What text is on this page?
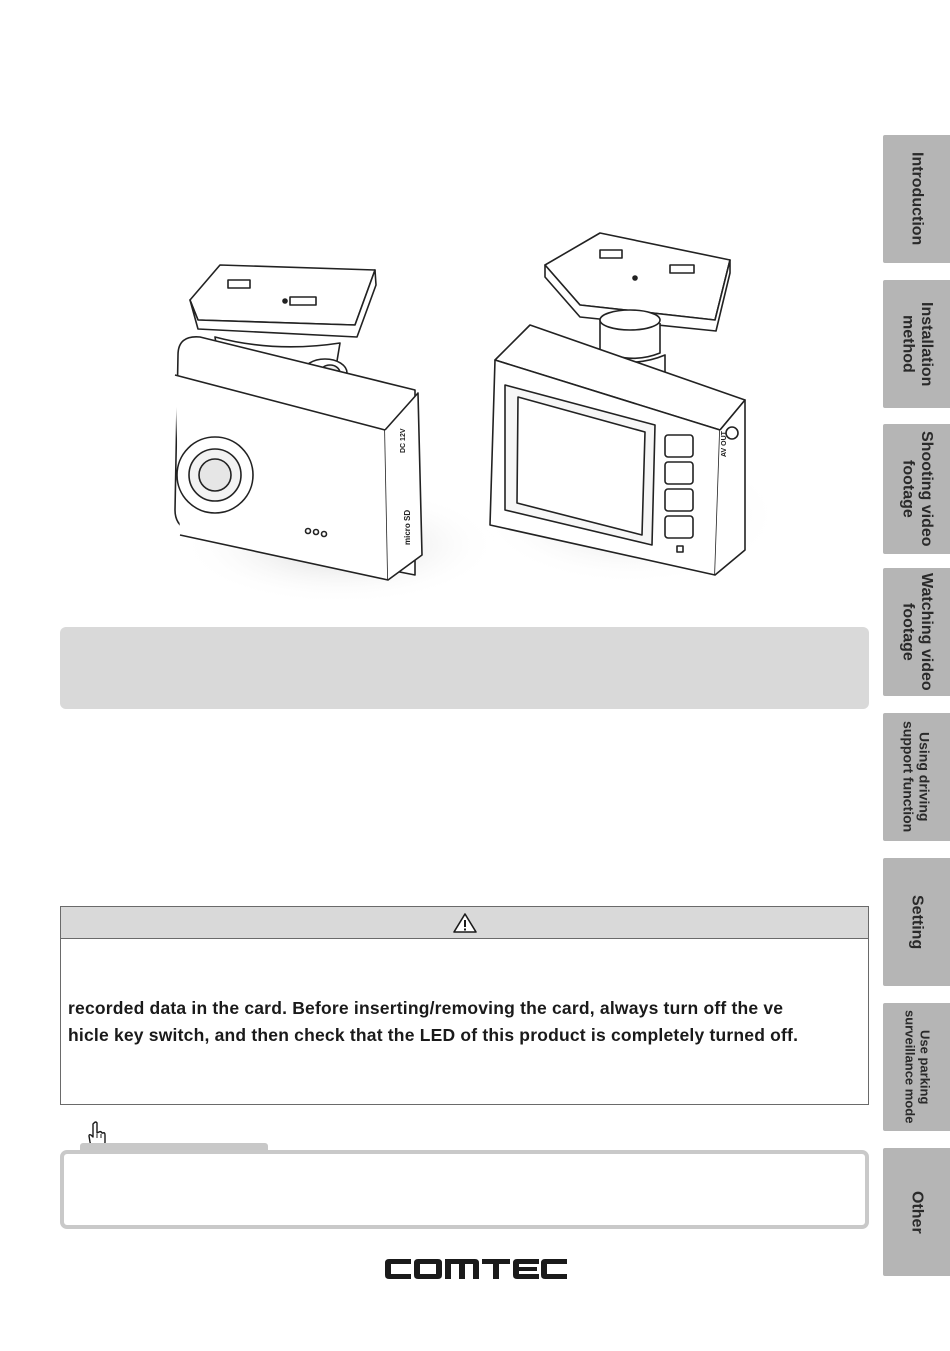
Introduction
Installation
method
Shooting video
footage
Watching video
footage
Using driving
support function
Setting
Use parking
surveillance mode
Other
micro SD
DC 12V	AV OUT
recorded data in the card. Before inserting/removing the card, always turn off the ve
hicle key switch, and then check that the LED of this product is completely turned off.
